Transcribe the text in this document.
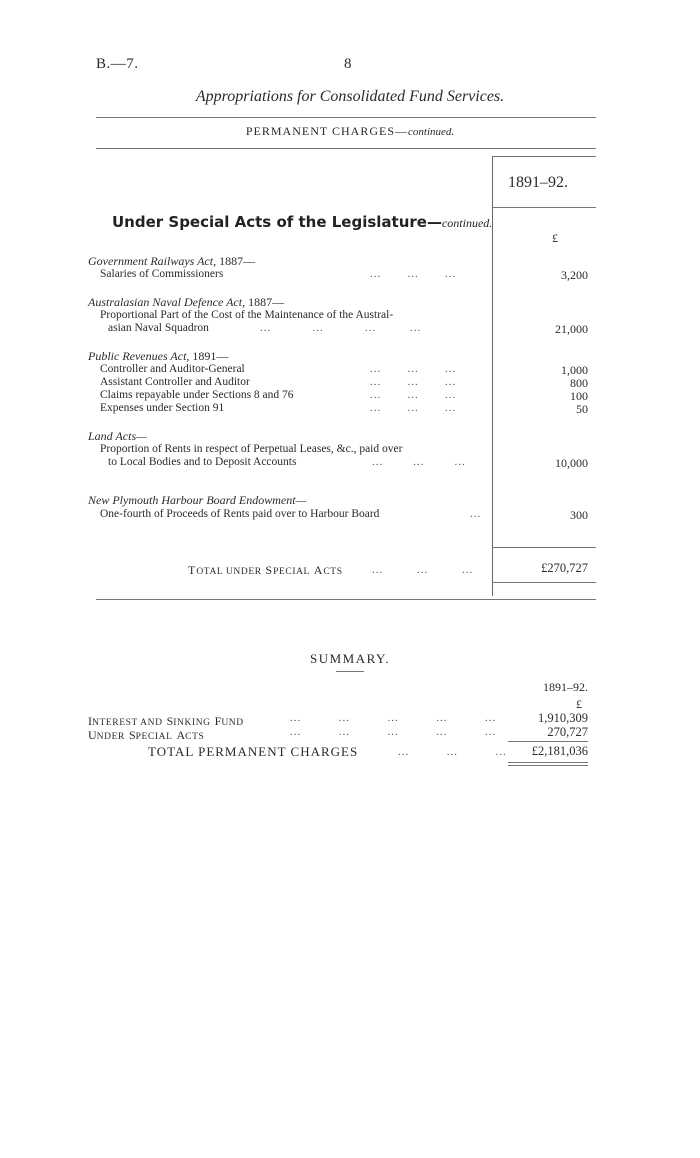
B.—7.	8
Appropriations for Consolidated Fund Services.
PERMANENT CHARGES—continued.
1891–92.
£
Under Special Acts of the Legislature—continued.
Government Railways Act, 1887—
Salaries of Commissioners	...       ...       ...	3,200
Australasian Naval Defence Act, 1887—
Proportional Part of the Cost of the Maintenance of the Austral-
asian Naval Squadron	...           ...           ...         ...	21,000
Public Revenues Act, 1891—
Controller and Auditor-General	...       ...       ...	1,000
Assistant Controller and Auditor	...       ...       ...	800
Claims repayable under Sections 8 and 76	...       ...       ...	100
Expenses under Section 91	...       ...       ...	50
Land Acts—
Proportion of Rents in respect of Perpetual Leases, &c., paid over
to Local Bodies and to Deposit Accounts	...        ...        ...	10,000
New Plymouth Harbour Board Endowment—
One-fourth of Proceeds of Rents paid over to Harbour Board	...	300
TOTAL UNDER SPECIAL ACTS	...         ...         ...	£270,727
SUMMARY.
1891–92.
£
INTEREST AND SINKING FUND	...          ...          ...          ...          ...	1,910,309
UNDER SPECIAL ACTS	...          ...          ...          ...          ...	270,727
TOTAL PERMANENT CHARGES	...          ...          ... £2,181,036
